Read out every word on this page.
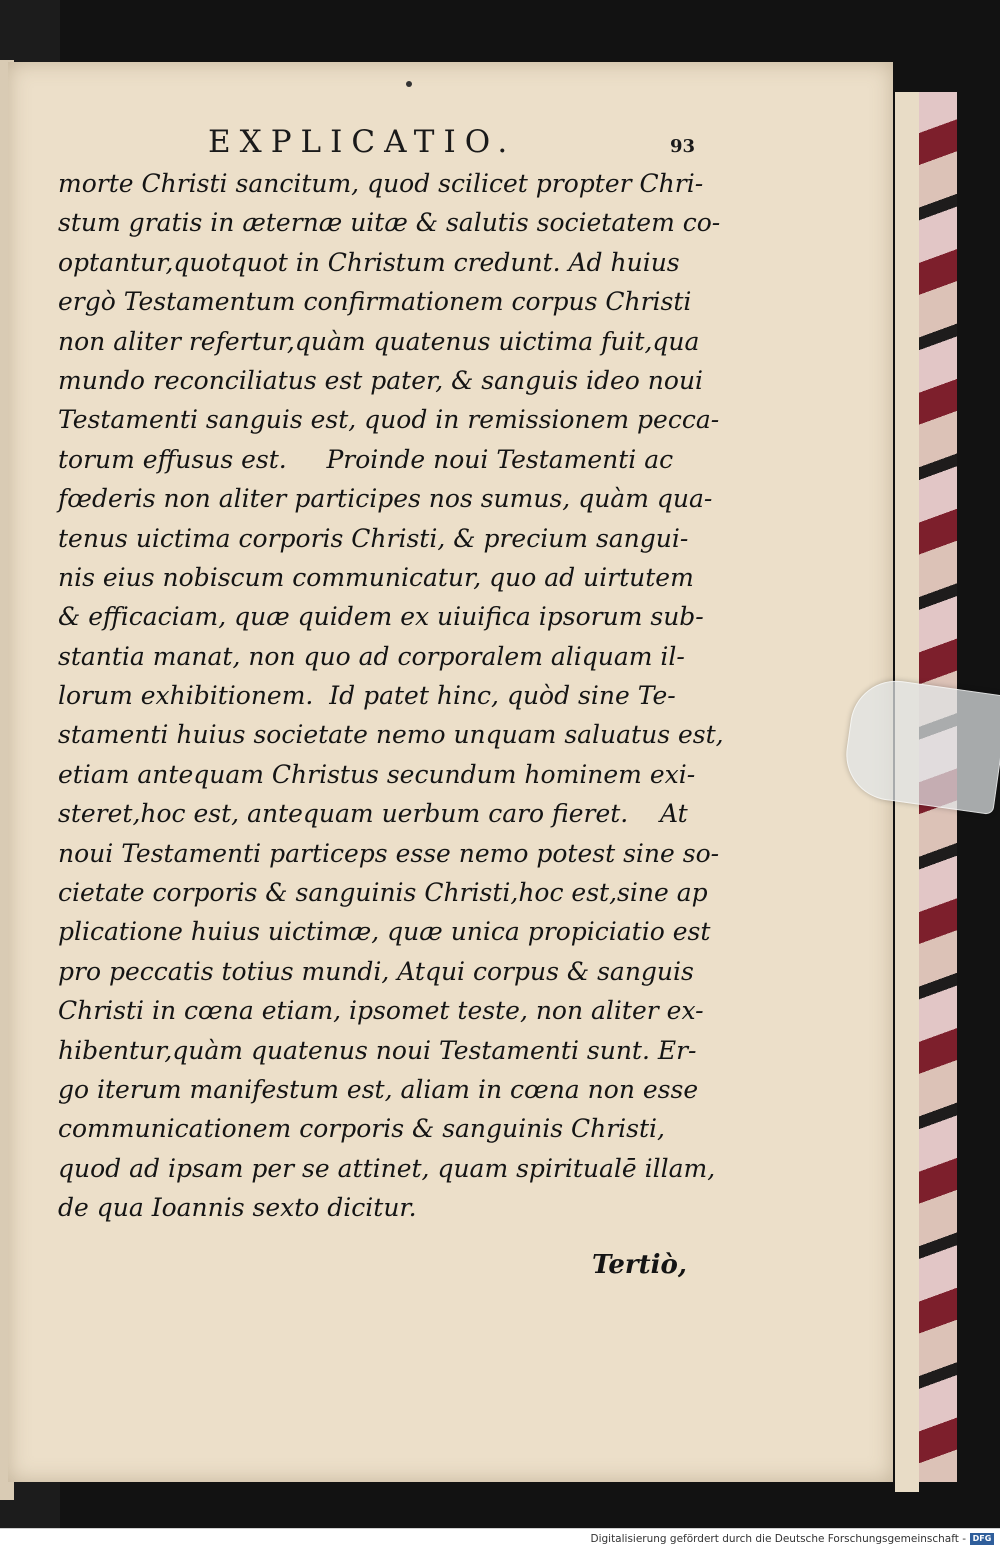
EXPLICATIO.	93
morte Christi sancitum, quod scilicet propter Chri-
stum gratis in æternæ uitæ & salutis societatem co-
optantur,quotquot in Christum credunt. Ad huius
ergò Testamentum confirmationem corpus Christi
non aliter refertur,quàm quatenus uictima fuit,qua
mundo reconciliatus est pater, & sanguis ideo noui
Testamenti sanguis est, quod in remissionem pecca-
torum effusus est.     Proinde noui Testamenti ac
fœderis non aliter participes nos sumus, quàm qua-
tenus uictima corporis Christi, & precium sangui-
nis eius nobiscum communicatur, quo ad uirtutem
& efficaciam, quæ quidem ex uiuifica ipsorum sub-
stantia manat, non quo ad corporalem aliquam il-
lorum exhibitionem.  Id patet hinc, quòd sine Te-
stamenti huius societate nemo unquam saluatus est,
etiam antequam Christus secundum hominem exi-
steret,hoc est, antequam uerbum caro fieret.    At
noui Testamenti particeps esse nemo potest sine so-
cietate corporis & sanguinis Christi,hoc est,sine ap
plicatione huius uictimæ, quæ unica propiciatio est
pro peccatis totius mundi, Atqui corpus & sanguis
Christi in cœna etiam, ipsomet teste, non aliter ex-
hibentur,quàm quatenus noui Testamenti sunt. Er-
go iterum manifestum est, aliam in cœna non esse
communicationem corporis & sanguinis Christi,
quod ad ipsam per se attinet, quam spiritualē illam,
de qua Ioannis sexto dicitur.
Tertiò,
Digitalisierung gefördert durch die Deutsche Forschungsgemeinschaft - DFG
